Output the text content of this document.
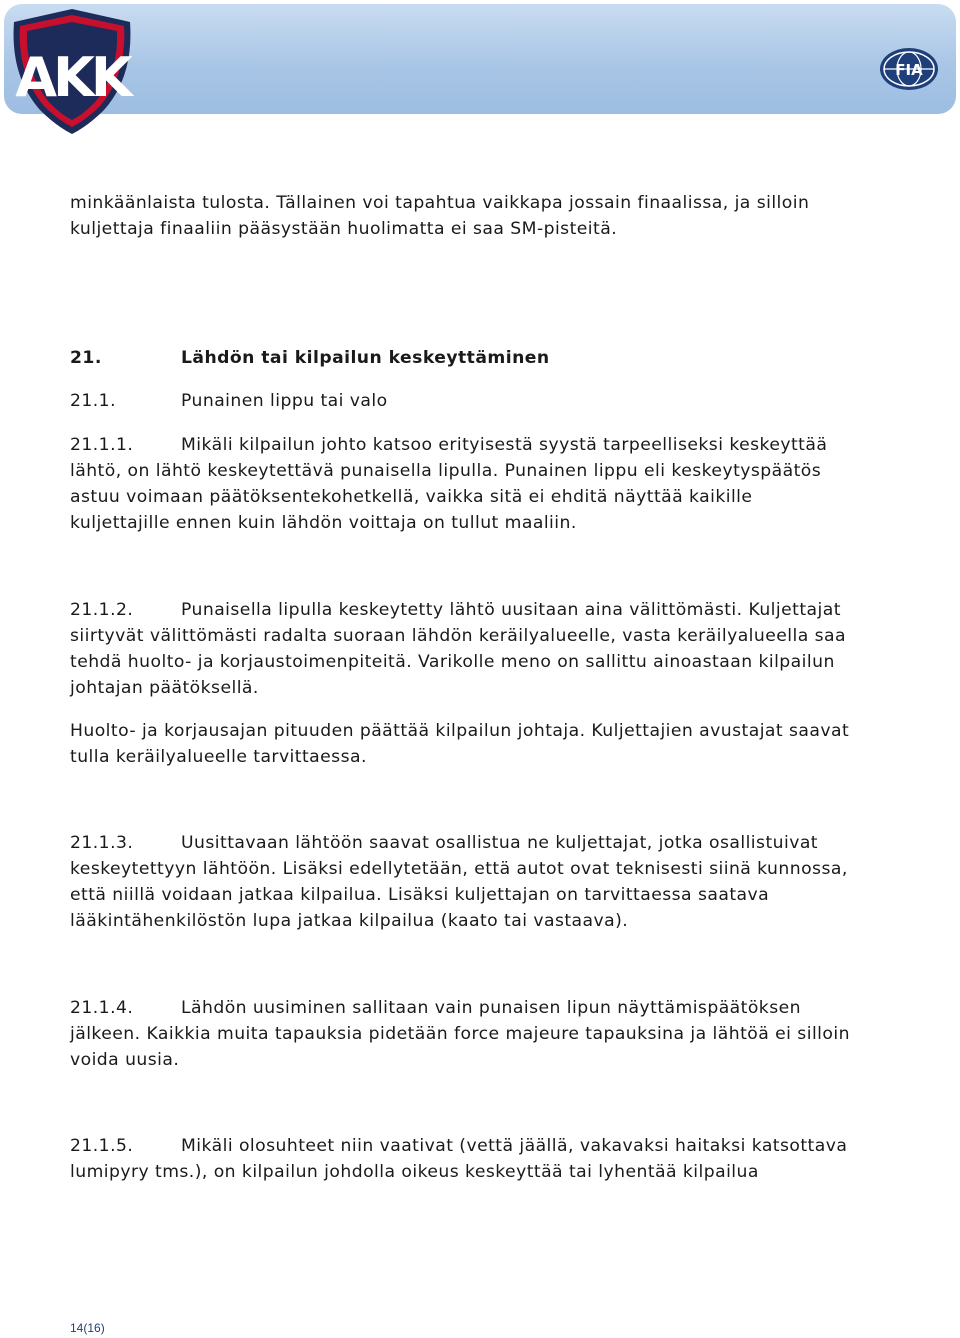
AKK	FIA

minkäänlaista tulostа. Tällainen voi tapahtua vaikkapa jossain finaalissa, ja silloin
kuljettaja finaaliin pääsystään huolimatta ei saa SM-pisteitä.

21.	Lähdön tai kilpailun keskeyttäminen

21.1.	Punainen lippu tai valo

21.1.1.	Mikäli kilpailun johto katsoo erityisestä syystä tarpeelliseksi keskeyttää
lähtö, on lähtö keskeytettävä punaisella lipulla. Punainen lippu eli keskeytyspäätös
astuu voimaan päätöksentekohetkellä, vaikka sitä ei ehditä näyttää kaikille
kuljettajille ennen kuin lähdön voittaja on tullut maaliin.

21.1.2.	Punaisella lipulla keskeytetty lähtö uusitaan aina välittömästi. Kuljettajat
siirtyvät välittömästi radalta suoraan lähdön keräilyalueelle, vasta keräilyalueella saa
tehdä huolto- ja korjaustoimenpiteitä. Varikolle meno on sallittu ainoastaan kilpailun
johtajan päätöksellä.

Huolto- ja korjausajan pituuden päättää kilpailun johtaja. Kuljettajien avustajat saavat
tulla keräilyalueelle tarvittaessa.

21.1.3.	Uusittavaan lähtöön saavat osallistua ne kuljettajat, jotka osallistuivat
keskeytettyyn lähtöön. Lisäksi edellytetään, että autot ovat teknisesti siinä kunnossa,
että niillä voidaan jatkaa kilpailua. Lisäksi kuljettajan on tarvittaessa saatava
lääkintähenkilöstön lupa jatkaa kilpailua (kaato tai vastaava).

21.1.4.	Lähdön uusiminen sallitaan vain punaisen lipun näyttämispäätöksen
jälkeen. Kaikkia muita tapauksia pidetään force majeure tapauksina ja lähtöä ei silloin
voida uusia.

21.1.5.	Mikäli olosuhteet niin vaativat (vettä jäällä, vakavaksi haitaksi katsottava
lumipyry tms.), on kilpailun johdolla oikeus keskeyttää tai lyhentää kilpailua

14(16)
